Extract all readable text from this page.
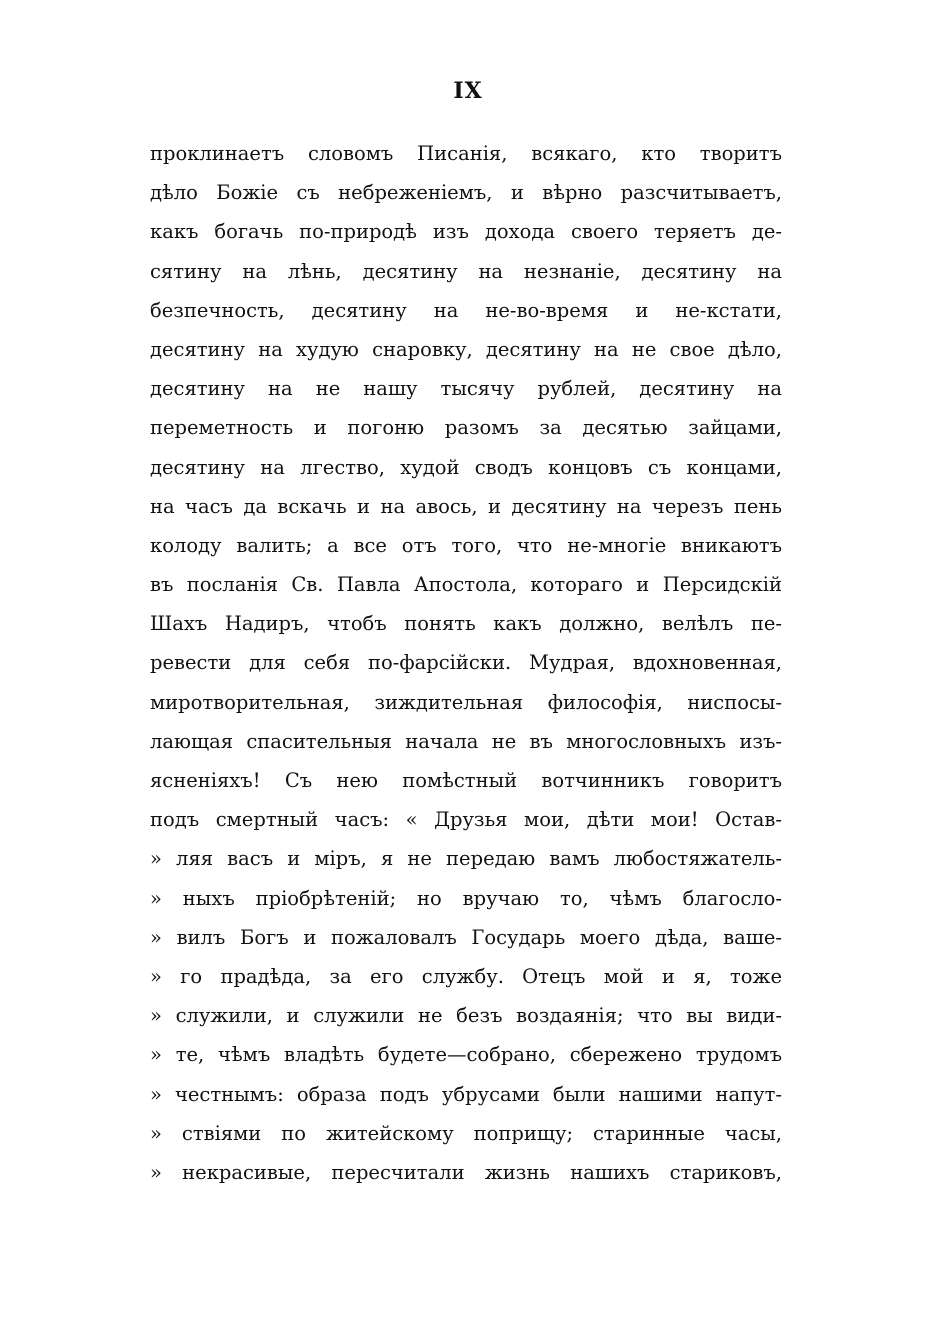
IX
проклинаетъ словомъ Писанія, всякаго, кто творитъ
дѣло Божіе съ небреженіемъ, и вѣрно разсчитываетъ,
какъ богачь по-природѣ изъ дохода своего теряетъ де-
сятину на лѣнь, десятину на незнаніе, десятину на
безпечность, десятину на не-во-время и не-кстати,
десятину на худую снаровку, десятину на не свое дѣло,
десятину на не нашу тысячу рублей, десятину на
переметность и погоню разомъ за десятью зайцами,
десятину на лгество, худой сводъ концовъ съ концами,
на часъ да вскачь и на авось, и десятину на черезъ пень
колоду валить; а все отъ того, что не-многіе вникаютъ
въ посланія Св. Павла Апостола, котораго и Персидскій
Шахъ Надиръ, чтобъ понять какъ должно, велѣлъ пе-
ревести для себя по-фарсійски. Мудрая, вдохновенная,
миротворительная, зиждительная философія, ниспосы-
лающая спасительныя начала не въ многословныхъ изъ-
ясненіяхъ! Съ нею помѣстный вотчинникъ говоритъ
подъ смертный часъ: « Друзья мои, дѣти мои! Остав-
» ляя васъ и міръ, я не передаю вамъ любостяжатель-
» ныхъ пріобрѣтеній; но вручаю то, чѣмъ благосло-
» вилъ Богъ и пожаловалъ Государь моего дѣда, ваше-
» го прадѣда, за его службу. Отецъ мой и я, тоже
» служили, и служили не безъ воздаянія; что вы види-
» те, чѣмъ владѣть будете—собрано, сбережено трудомъ
» честнымъ: образа подъ убрусами были нашими напут-
» ствіями по житейскому поприщу; старинные часы,
» некрасивые, пересчитали жизнь нашихъ стариковъ,
